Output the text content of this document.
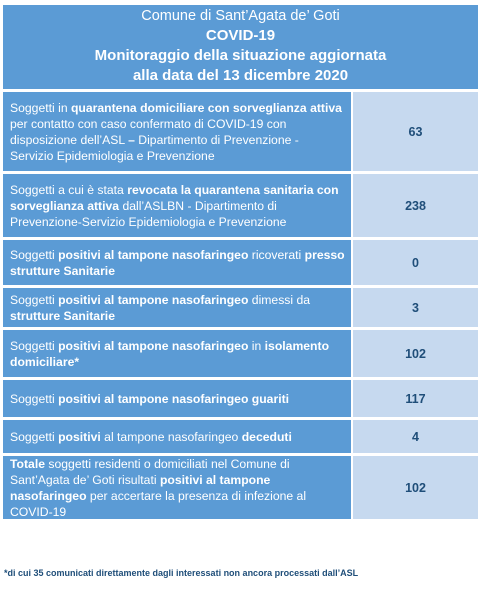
Comune di Sant’Agata de’ Goti
COVID-19
Monitoraggio della situazione aggiornata
alla data del 13 dicembre 2020
Soggetti in quarantena domiciliare con sorveglianza attiva per contatto con caso confermato di COVID-19 con disposizione dell’ASL – Dipartimento di Prevenzione - Servizio Epidemiologia e Prevenzione
63
Soggetti a cui è stata revocata la quarantena sanitaria con sorveglianza attiva dall’ASLBN - Dipartimento di Prevenzione-Servizio Epidemiologia e Prevenzione
238
Soggetti positivi al tampone nasofaringeo ricoverati presso strutture Sanitarie
0
Soggetti positivi al tampone nasofaringeo dimessi da strutture Sanitarie
3
Soggetti positivi al tampone nasofaringeo in isolamento domiciliare*
102
Soggetti positivi al tampone nasofaringeo guariti	117
Soggetti positivi al tampone nasofaringeo deceduti	4
Totale soggetti residenti o domiciliati nel Comune di Sant’Agata de’ Goti risultati positivi al tampone nasofaringeo per accertare la presenza di infezione al COVID-19
102
*di cui 35 comunicati direttamente dagli interessati non ancora processati dall’ASL
